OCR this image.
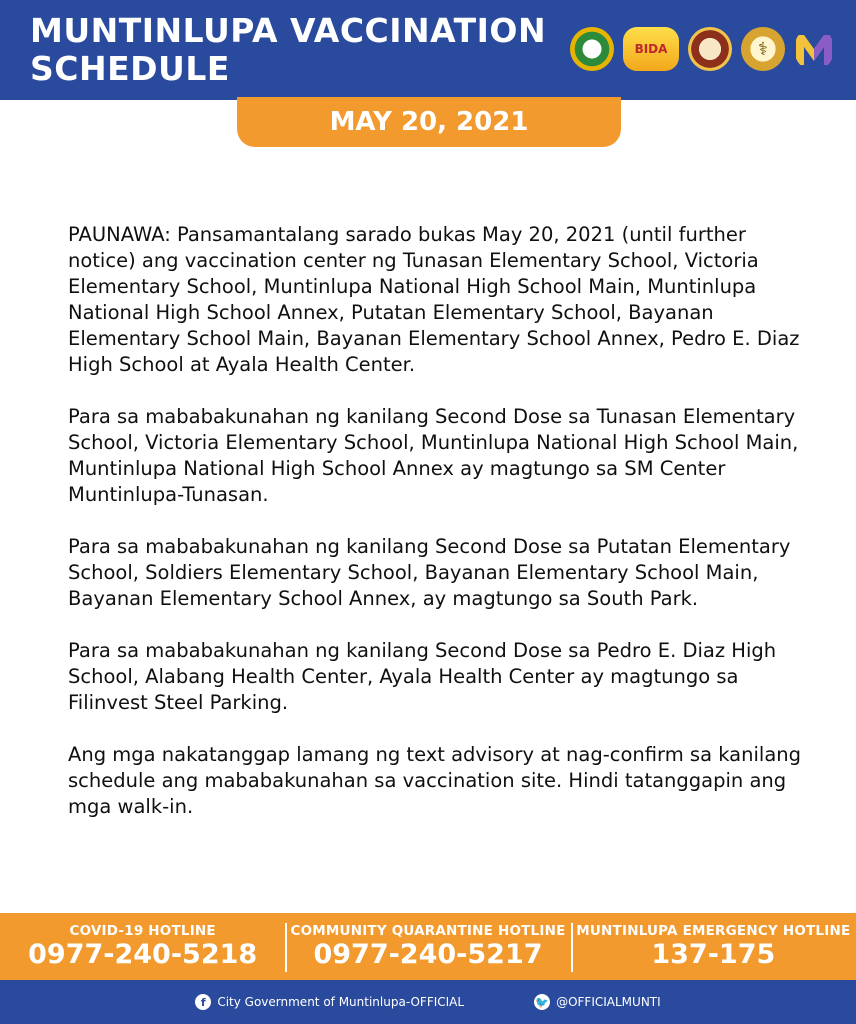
MUNTINLUPA VACCINATION SCHEDULE	BIDA	⚕
MAY 20, 2021

PAUNAWA: Pansamantalang sarado bukas May 20, 2021 (until further notice) ang vaccination center ng Tunasan Elementary School, Victoria Elementary School, Muntinlupa National High School Main, Muntinlupa National High School Annex, Putatan Elementary School, Bayanan Elementary School Main, Bayanan Elementary School Annex, Pedro E. Diaz High School at Ayala Health Center.

Para sa mababakunahan ng kanilang Second Dose sa Tunasan Elementary School, Victoria Elementary School, Muntinlupa National High School Main, Muntinlupa National High School Annex ay magtungo sa SM Center Muntinlupa-Tunasan.

Para sa mababakunahan ng kanilang Second Dose sa Putatan Elementary School, Soldiers Elementary School, Bayanan Elementary School Main, Bayanan Elementary School Annex, ay magtungo sa South Park.

Para sa mababakunahan ng kanilang Second Dose sa Pedro E. Diaz High School, Alabang Health Center, Ayala Health Center ay magtungo sa Filinvest Steel Parking.

Ang mga nakatanggap lamang ng text advisory at nag-confirm sa kanilang schedule ang mababakunahan sa vaccination site. Hindi tatanggapin ang mga walk-in.

COVID-19 HOTLINE
0977-240-5218
COMMUNITY QUARANTINE HOTLINE
0977-240-5217
MUNTINLUPA EMERGENCY HOTLINE
137-175
f City Government of Muntinlupa-OFFICIAL	🐦 @OFFICIALMUNTI
